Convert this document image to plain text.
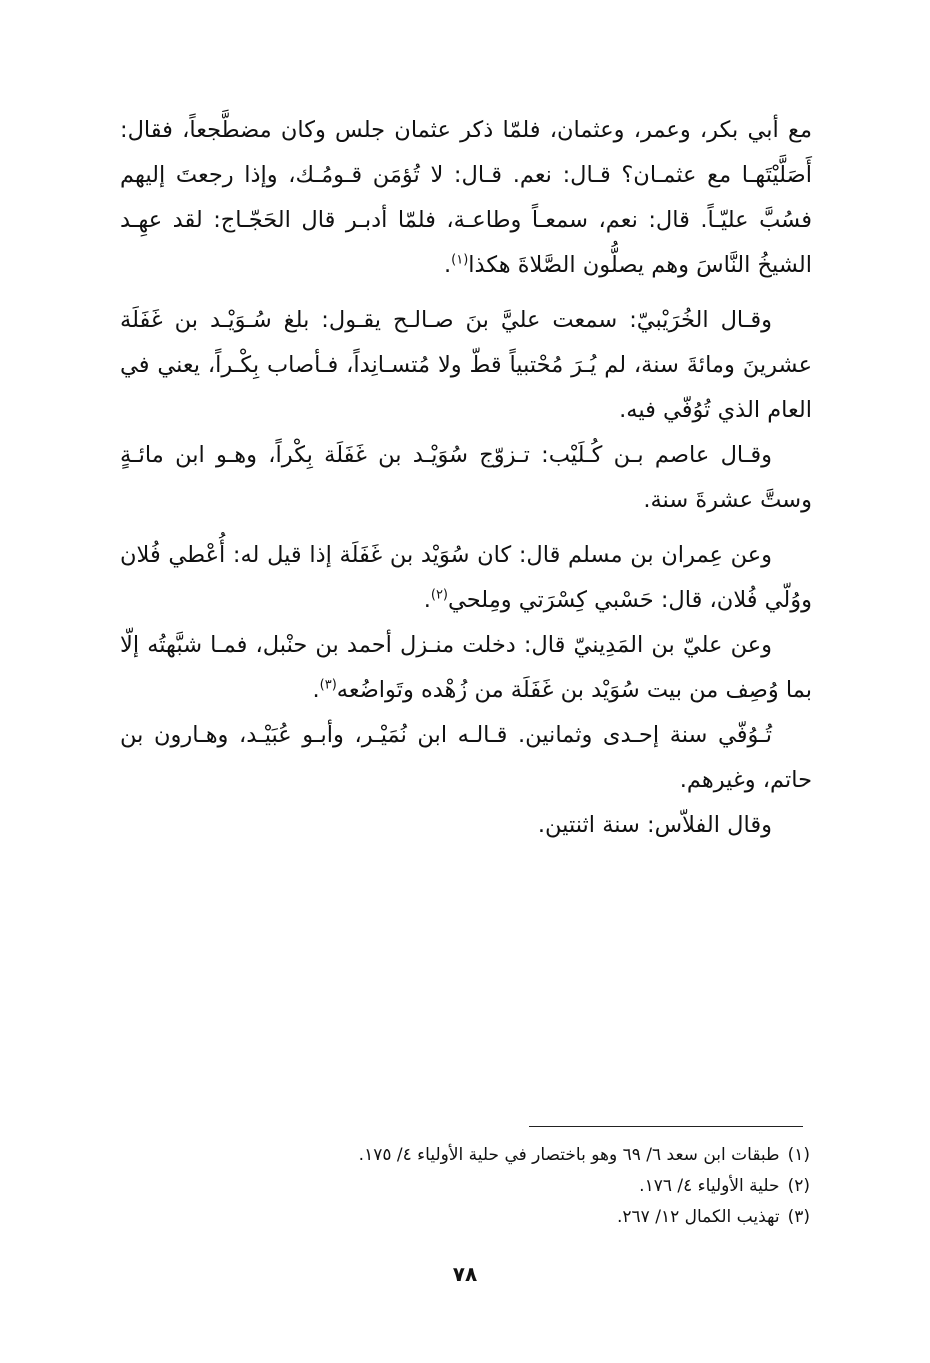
مع أبي بكر، وعمر، وعثمان، فلمّا ذكر عثمان جلس وكان مضطَّجعاً، فقال: أَصَلَّيْتَهـا مع عثمـان؟ قـال: نعم. قـال: لا تُؤمَن قـومُـك، وإذا رجعتَ إليهم فسُبَّ عليّـاً. قال: نعم، سمعـاً وطاعـة، فلمّا أدبـر قال الحَجّـاج: لقد عهِـد الشيخُ النَّاسَ وهم يصلُّون الصَّلاةَ هكذا$^{(١)}$.

وقـال الخُرَيْبيّ: سمعت عليَّ بنَ صـالـح يقـول: بلغ سُـوَيْـد بن غَفَلَة عشرينَ ومائةَ سنة، لم يُـرَ مُحْتبياً قطّ ولا مُتسـانِداً، فـأصاب بِكْـراً، يعني في العام الذي تُوُفّي فيه.

وقـال عاصم بـن كُـلَيْب: تـزوّج سُوَيْـد بن غَفَلَة بِكْراً، وهـو ابن مائـةٍ وستَّ عشرةَ سنة.

وعن عِمران بن مسلم قال: كان سُوَيْد بن غَفَلَة إذا قيل له: أُعْطي فُلان ووُلّي فُلان، قال: حَسْبي كِسْرَتي ومِلحي$^{(٢)}$.

وعن عليّ بن المَدِينيّ قال: دخلت منـزل أحمد بن حنْبل، فمـا شبَّهتُه إلّا بما وُصِف من بيت سُوَيْد بن غَفَلَة من زُهْده وتَواضُعه$^{(٣)}$.

تُـوُفّي سنة إحـدى وثمانين. قـالـه ابن نُمَيْـر، وأبـو عُبَيْـد، وهـارون بن حاتم، وغيرهم.

وقال الفلاّس: سنة اثنتين.

(١)طبقات ابن سعد ٦/ ٦٩ وهو باختصار في حلية الأولياء ٤/ ١٧٥.

(٢)حلية الأولياء ٤/ ١٧٦.

(٣)تهذيب الكمال ١٢/ ٢٦٧.

٧٨
